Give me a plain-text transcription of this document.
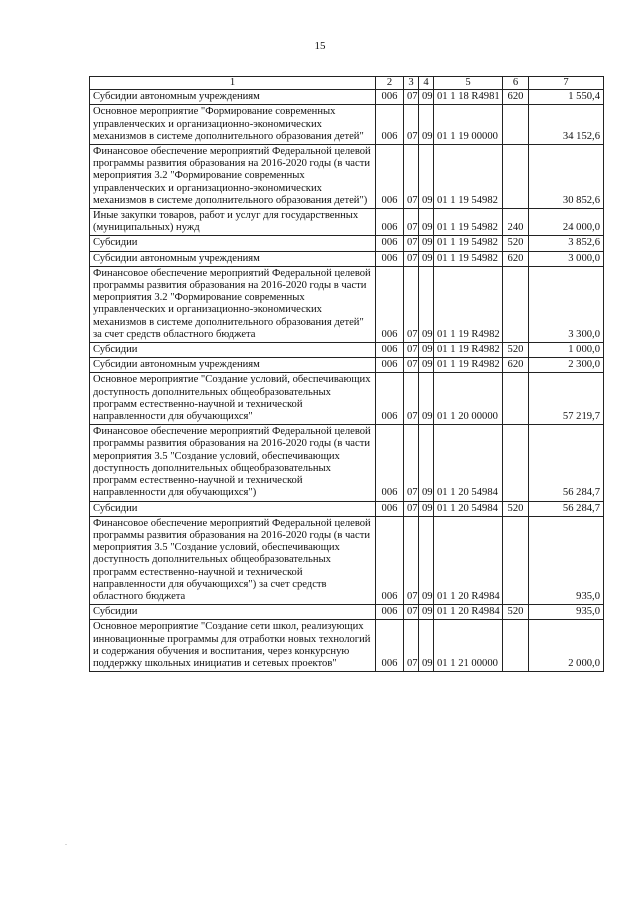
15
1	2	3	4	5	6	7
Субсидии автономным учреждениям	006	07	09	01 1 18 R4981	620	1 550,4
Основное мероприятие "Формирование современных управленческих и организационно-экономических механизмов в системе дополнительного образования детей"	006	07	09	01 1 19 00000		34 152,6
Финансовое обеспечение мероприятий Федеральной целевой программы развития образования на 2016-2020 годы (в части мероприятия 3.2 "Формирование современных управленческих и организационно-экономических механизмов в системе дополнительного образования детей")	006	07	09	01 1 19 54982		30 852,6
Иные закупки товаров, работ и услуг для государственных (муниципальных) нужд	006	07	09	01 1 19 54982	240	24 000,0
Субсидии	006	07	09	01 1 19 54982	520	3 852,6
Субсидии автономным учреждениям	006	07	09	01 1 19 54982	620	3 000,0
Финансовое обеспечение мероприятий Федеральной целевой программы развития образования на 2016-2020 годы в части мероприятия 3.2 "Формирование современных управленческих и организационно-экономических механизмов в системе дополнительного образования детей" за счет средств областного бюджета	006	07	09	01 1 19 R4982		3 300,0
Субсидии	006	07	09	01 1 19 R4982	520	1 000,0
Субсидии автономным учреждениям	006	07	09	01 1 19 R4982	620	2 300,0
Основное мероприятие "Создание условий, обеспечивающих доступность дополнительных общеобразовательных программ естественно-научной и технической направленности для обучающихся"	006	07	09	01 1 20 00000		57 219,7
Финансовое обеспечение мероприятий Федеральной целевой программы развития образования на 2016-2020 годы (в части мероприятия 3.5 "Создание условий, обеспечивающих доступность дополнительных общеобразовательных программ естественно-научной и технической направленности для обучающихся")	006	07	09	01 1 20 54984		56 284,7
Субсидии	006	07	09	01 1 20 54984	520	56 284,7
Финансовое обеспечение мероприятий Федеральной целевой программы развития образования на 2016-2020 годы (в части мероприятия 3.5 "Создание условий, обеспечивающих доступность дополнительных общеобразовательных программ естественно-научной и технической направленности для обучающихся") за счет средств областного бюджета	006	07	09	01 1 20 R4984		935,0
Субсидии	006	07	09	01 1 20 R4984	520	935,0
Основное мероприятие "Создание сети школ, реализующих инновационные программы для отработки новых технологий и содержания обучения и воспитания, через конкурсную поддержку школьных инициатив и сетевых проектов"	006	07	09	01 1 21 00000		2 000,0
.
